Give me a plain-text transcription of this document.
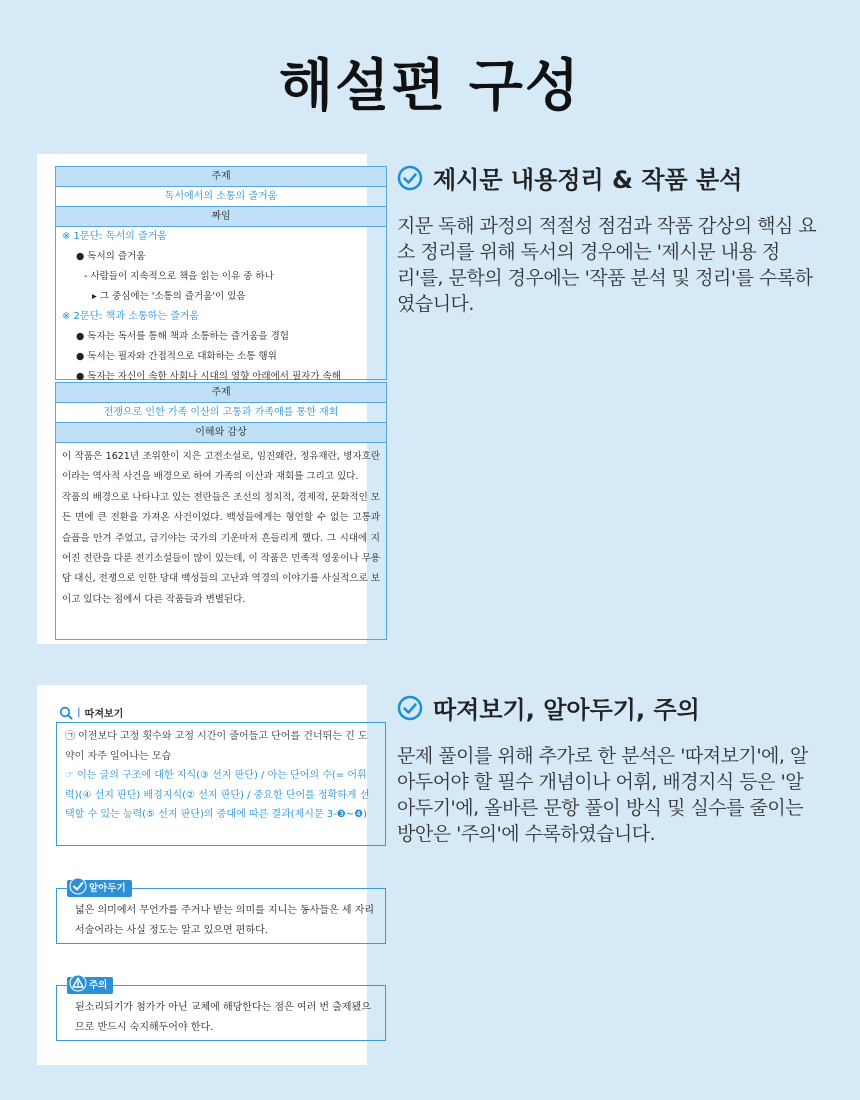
해설편 구성
주제
독서에서의 소통의 즐거움
짜임
※ 1문단: 독서의 즐거움
● 독서의 즐거움
- 사람들이 지속적으로 책을 읽는 이유 중 하나
▸ 그 중심에는 '소통의 즐거움'이 있음
※ 2문단: 책과 소통하는 즐거움
● 독자는 독서를 통해 책과 소통하는 즐거움을 경험
● 독서는 필자와 간접적으로 대화하는 소통 행위
● 독자는 자신이 속한 사회나 시대의 영향 아래에서 필자가 속해
주제
전쟁으로 인한 가족 이산의 고통과 가족애를 통한 재회
이해와 감상

이 작품은 1621년 조위한이 지은 고전소설로, 임진왜란, 정유재란, 병자호란이라는 역사적 사건을 배경으로 하여 가족의 이산과 재회를 그리고 있다.

작품의 배경으로 나타나고 있는 전란들은 조선의 정치적, 경제적, 문화적인 모든 면에 큰 전환을 가져온 사건이었다. 백성들에게는 형언할 수 없는 고통과 슬픔을 안겨 주었고, 급기야는 국가의 기운마저 흔들리게 했다. 그 시대에 지어진 전란을 다룬 전기소설들이 많이 있는데, 이 작품은 민족적 영웅이나 무용담 대신, 전쟁으로 인한 당대 백성들의 고난과 역경의 이야기를 사실적으로 보이고 있다는 점에서 다른 작품들과 변별된다.

제시문 내용정리 & 작품 분석
지문 독해 과정의 적절성 점검과 작품 감상의 핵심 요소 정리를 위해 독서의 경우에는 '제시문 내용 정리'를, 문학의 경우에는 '작품 분석 및 정리'를 수록하였습니다.
| 따져보기
㉠ 이전보다 고정 횟수와 고정 시간이 줄어들고 단어를 건너뛰는 긴 도약이 자주 일어나는 모습
☞ 이는 글의 구조에 대한 지식(③ 선지 판단) / 아는 단어의 수(= 어휘력)(④ 선지 판단) 배경지식(② 선지 판단) / 중요한 단어를 정확하게 선택할 수 있는 능력(⑤ 선지 판단)의 증대에 따른 결과(제시문 3-❸~❹)
알아두기
넓은 의미에서 무언가를 주거나 받는 의미를 지니는 동사들은 세 자리 서술어라는 사실 정도는 알고 있으면 편하다.
주의
된소리되기가 첨가가 아닌 교체에 해당한다는 점은 여러 번 출제됐으므로 반드시 숙지해두어야 한다.
따져보기, 알아두기, 주의
문제 풀이를 위해 추가로 한 분석은 '따져보기'에, 알아두어야 할 필수 개념이나 어휘, 배경지식 등은 '알아두기'에, 올바른 문항 풀이 방식 및 실수를 줄이는 방안은 '주의'에 수록하였습니다.
